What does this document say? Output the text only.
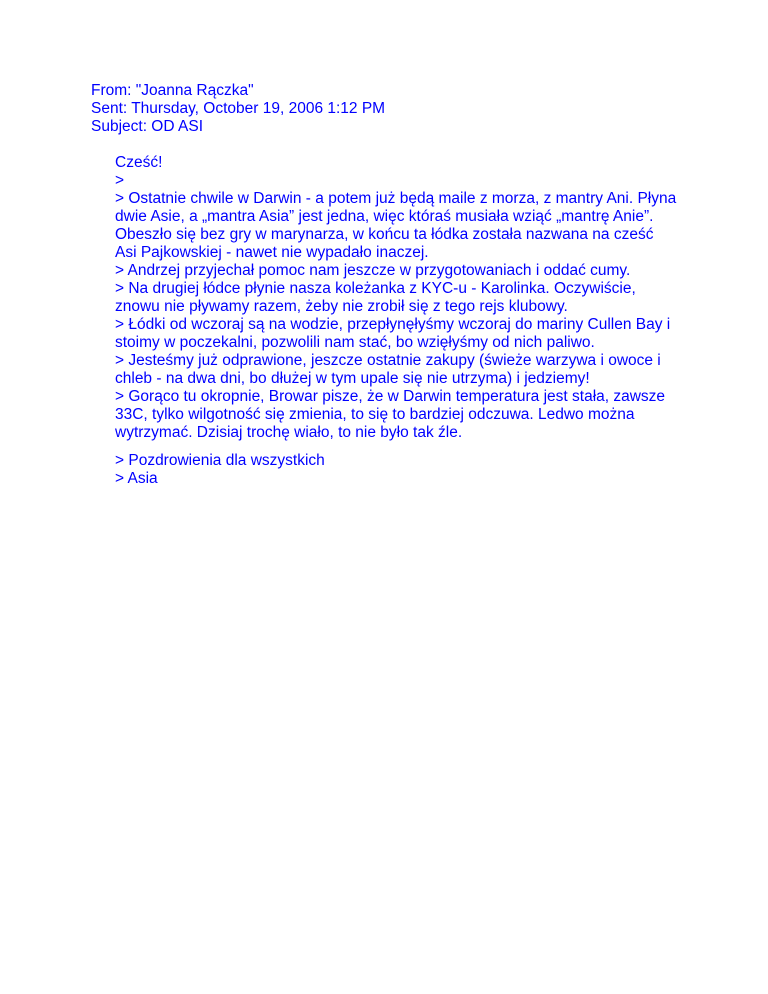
From: "Joanna Rączka"
Sent: Thursday, October 19, 2006 1:12 PM
Subject: OD ASI
Cześć!
>
> Ostatnie chwile w Darwin - a potem już będą maile z morza, z mantry Ani. Płyna
dwie Asie, a „mantra Asia” jest jedna, więc któraś musiała wziąć „mantrę Anie”.
Obeszło się bez gry w marynarza, w końcu ta łódka została nazwana na cześć
Asi Pajkowskiej - nawet nie wypadało inaczej.
> Andrzej przyjechał pomoc nam jeszcze w przygotowaniach i oddać cumy.
> Na drugiej łódce płynie nasza koleżanka z KYC-u - Karolinka. Oczywiście,
znowu nie pływamy razem, żeby nie zrobił się z tego rejs klubowy.
> Łódki od wczoraj są na wodzie, przepłynęłyśmy wczoraj do mariny Cullen Bay i
stoimy w poczekalni, pozwolili nam stać, bo wzięłyśmy od nich paliwo.
> Jesteśmy już odprawione, jeszcze ostatnie zakupy (świeże warzywa i owoce i
chleb - na dwa dni, bo dłużej w tym upale się nie utrzyma) i jedziemy!
> Gorąco tu okropnie, Browar pisze, że w Darwin temperatura jest stała, zawsze
33C, tylko wilgotność się zmienia, to się to bardziej odczuwa. Ledwo można
wytrzymać. Dzisiaj trochę wiało, to nie było tak źle.
> Pozdrowienia dla wszystkich
> Asia
